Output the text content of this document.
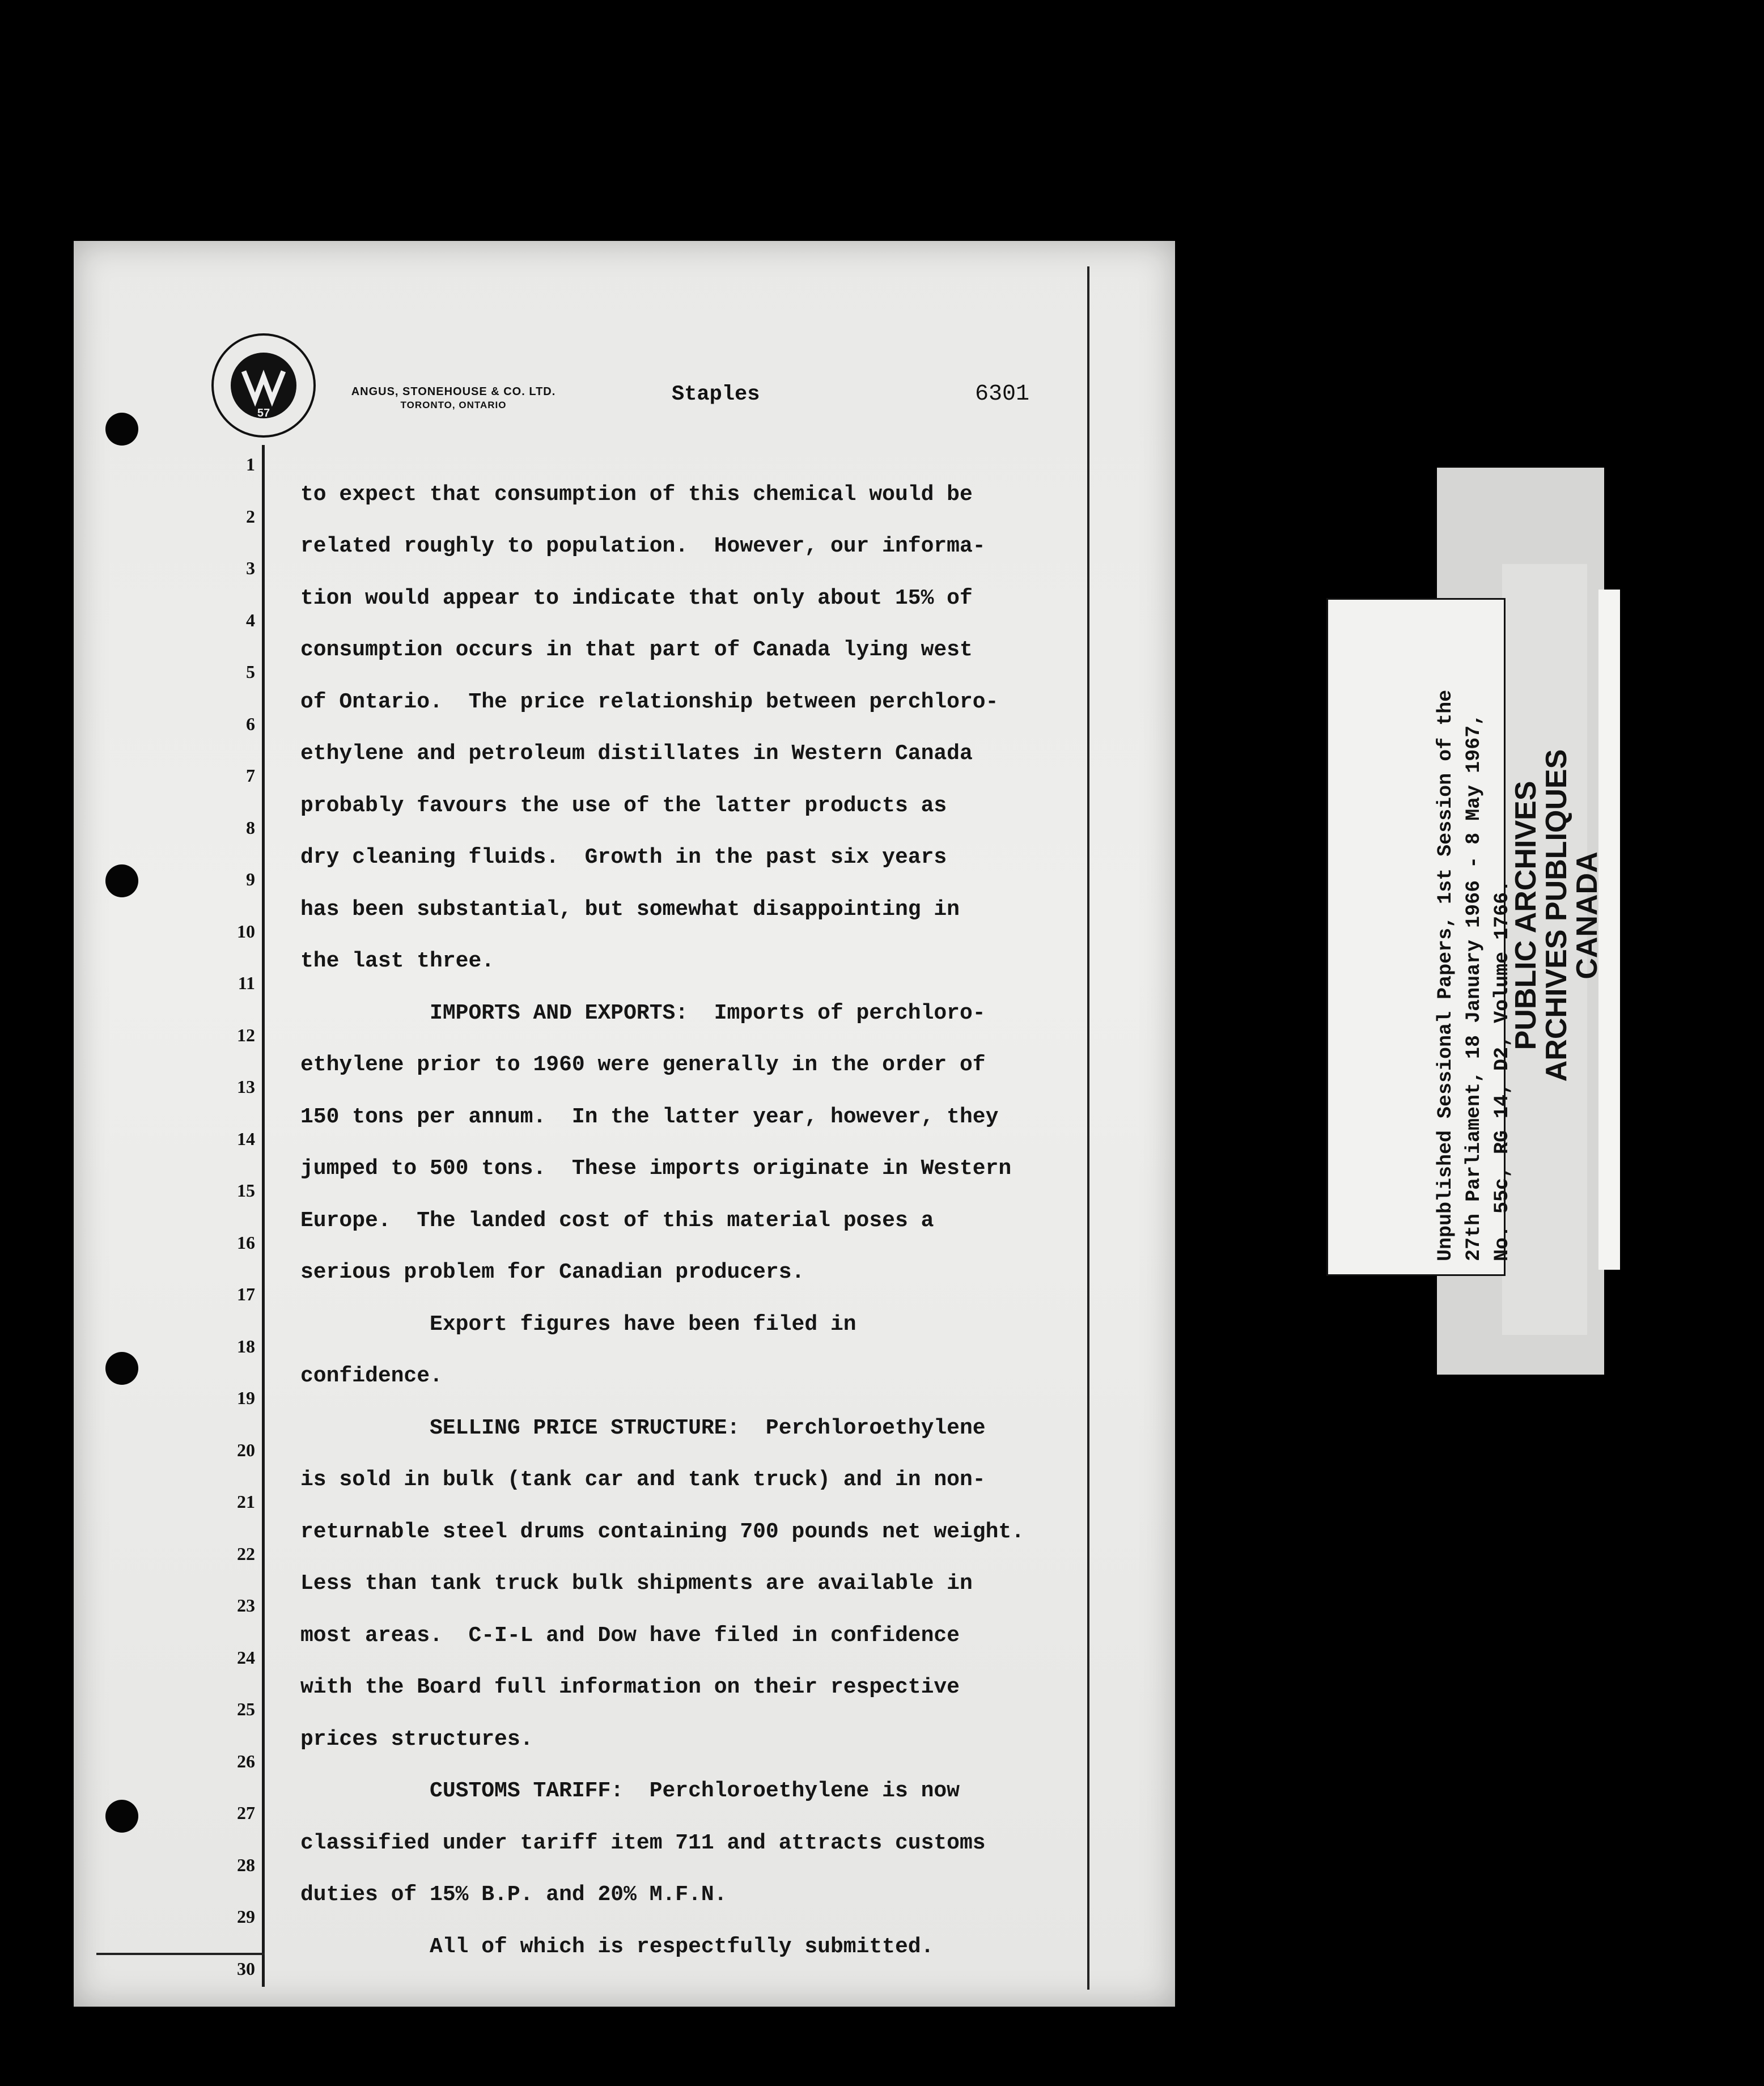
57
ANGUS, STONEHOUSE & CO. LTD.
TORONTO, ONTARIO	Staples	6301
1
2
to expect that consumption of this chemical would be
3
related roughly to population.  However, our informa-
4
tion would appear to indicate that only about 15% of
5
consumption occurs in that part of Canada lying west
6
of Ontario.  The price relationship between perchloro-
7
ethylene and petroleum distillates in Western Canada
8
probably favours the use of the latter products as
9
dry cleaning fluids.  Growth in the past six years
10
has been substantial, but somewhat disappointing in
11
the last three.
12
IMPORTS AND EXPORTS:  Imports of perchloro-
13
ethylene prior to 1960 were generally in the order of
14
150 tons per annum.  In the latter year, however, they
15
jumped to 500 tons.  These imports originate in Western
16
Europe.  The landed cost of this material poses a
17
serious problem for Canadian producers.
18
Export figures have been filed in
19
confidence.
20
SELLING PRICE STRUCTURE:  Perchloroethylene
21
is sold in bulk (tank car and tank truck) and in non-
22
returnable steel drums containing 700 pounds net weight.
23
Less than tank truck bulk shipments are available in
24
most areas.  C-I-L and Dow have filed in confidence
25
with the Board full information on their respective
26
prices structures.
27
CUSTOMS TARIFF:  Perchloroethylene is now
28
classified under tariff item 711 and attracts customs
29
duties of 15% B.P. and 20% M.F.N.
30
All of which is respectfully submitted.
Unpublished Sessional Papers, 1st Session of the 27th Parliament, 18 January 1966 - 8 May 1967, No. 55c, RG 14, D2, Volume 1766.
PUBLIC ARCHIVES
ARCHIVES PUBLIQUES
CANADA
